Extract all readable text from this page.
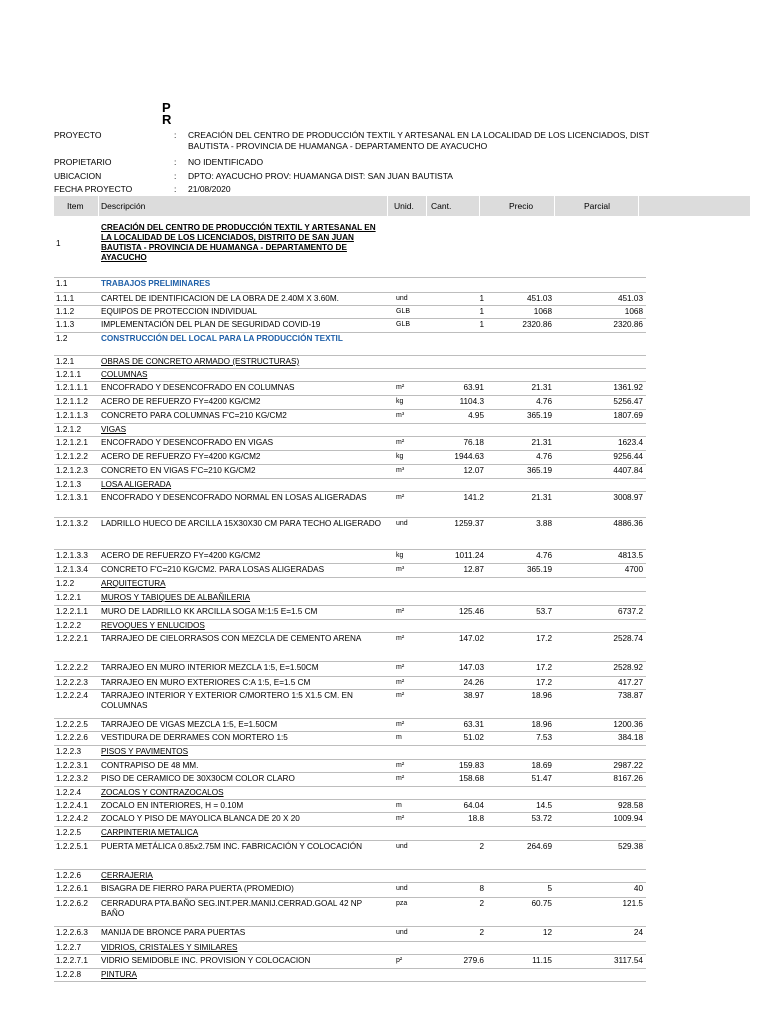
P
R
PROYECTO	: CREACIÓN DEL CENTRO DE PRODUCCIÓN TEXTIL Y ARTESANAL EN LA LOCALIDAD DE LOS LICENCIADOS, DIST
BAUTISTA - PROVINCIA DE HUAMANGA - DEPARTAMENTO DE AYACUCHO
PROPIETARIO	: NO IDENTIFICADO
UBICACION	: DPTO: AYACUCHO PROV: HUAMANGA DIST: SAN JUAN BAUTISTA
FECHA PROYECTO	: 21/08/2020
Item Descripción	Unid. Cant.	Precio	Parcial
1
CREACIÓN DEL CENTRO DE PRODUCCIÓN TEXTIL Y ARTESANAL EN LA LOCALIDAD DE LOS LICENCIADOS, DISTRITO DE SAN JUAN BAUTISTA - PROVINCIA DE HUAMANGA - DEPARTAMENTO DE AYACUCHO
1.1	TRABAJOS PRELIMINARES
1.1.1	CARTEL DE IDENTIFICACION DE LA OBRA DE 2.40M X 3.60M.	und	1	451.03	451.03
1.1.2	EQUIPOS DE PROTECCION INDIVIDUAL	GLB	1	1068	1068
1.1.3	IMPLEMENTACIÓN DEL PLAN DE SEGURIDAD COVID-19	GLB	1	2320.86	2320.86
1.2	CONSTRUCCIÓN DEL LOCAL PARA LA PRODUCCIÓN TEXTIL
1.2.1	OBRAS DE CONCRETO ARMADO (ESTRUCTURAS)
1.2.1.1 COLUMNAS
1.2.1.1.1 ENCOFRADO Y DESENCOFRADO EN COLUMNAS	m²	63.91	21.31	1361.92
1.2.1.1.2 ACERO DE REFUERZO FY=4200 KG/CM2	kg	1104.3	4.76	5256.47
1.2.1.1.3 CONCRETO PARA COLUMNAS F'C=210 KG/CM2	m³	4.95	365.19	1807.69
1.2.1.2 VIGAS
1.2.1.2.1 ENCOFRADO Y DESENCOFRADO EN VIGAS	m²	76.18	21.31	1623.4
1.2.1.2.2 ACERO DE REFUERZO FY=4200 KG/CM2	kg	1944.63	4.76	9256.44
1.2.1.2.3 CONCRETO EN VIGAS F'C=210 KG/CM2	m³	12.07	365.19	4407.84
1.2.1.3 LOSA ALIGERADA
1.2.1.3.1 ENCOFRADO Y DESENCOFRADO NORMAL EN LOSAS ALIGERADAS	m²	141.2	21.31	3008.97
1.2.1.3.2 LADRILLO HUECO DE ARCILLA 15X30X30 CM PARA TECHO ALIGERADO und	1259.37	3.88	4886.36
1.2.1.3.3 ACERO DE REFUERZO FY=4200 KG/CM2	kg	1011.24	4.76	4813.5
1.2.1.3.4 CONCRETO F'C=210 KG/CM2. PARA LOSAS ALIGERADAS	m³	12.87	365.19	4700
1.2.2	ARQUITECTURA
1.2.2.1 MUROS Y TABIQUES DE ALBAÑILERIA
1.2.2.1.1 MURO DE LADRILLO KK ARCILLA SOGA M:1:5 E=1.5 CM	m²	125.46	53.7	6737.2
1.2.2.2 REVOQUES Y ENLUCIDOS
1.2.2.2.1 TARRAJEO DE CIELORRASOS CON MEZCLA DE CEMENTO ARENA	m²	147.02	17.2	2528.74
1.2.2.2.2 TARRAJEO EN MURO INTERIOR MEZCLA 1:5, E=1.50CM	m²	147.03	17.2	2528.92
1.2.2.2.3 TARRAJEO EN MURO EXTERIORES C:A 1:5, E=1.5 CM	m²	24.26	17.2	417.27
1.2.2.2.4 TARRAJEO INTERIOR Y EXTERIOR C/MORTERO 1:5 X1.5 CM. EN COLUMNAS
m²	38.97	18.96	738.87
1.2.2.2.5 TARRAJEO DE VIGAS MEZCLA 1:5, E=1.50CM	m²	63.31	18.96	1200.36
1.2.2.2.6 VESTIDURA DE DERRAMES CON MORTERO 1:5	m	51.02	7.53	384.18
1.2.2.3 PISOS Y PAVIMENTOS
1.2.2.3.1 CONTRAPISO DE 48 MM.	m²	159.83	18.69	2987.22
1.2.2.3.2 PISO DE CERAMICO DE 30X30CM COLOR CLARO	m²	158.68	51.47	8167.26
1.2.2.4 ZOCALOS Y CONTRAZOCALOS
1.2.2.4.1 ZOCALO EN INTERIORES, H = 0.10M	m	64.04	14.5	928.58
1.2.2.4.2 ZOCALO Y PISO DE MAYOLICA BLANCA DE 20 X 20	m²	18.8	53.72	1009.94
1.2.2.5 CARPINTERIA METALICA
1.2.2.5.1 PUERTA METÁLICA 0.85x2.75M INC. FABRICACIÓN Y COLOCACIÓN	und	2	264.69	529.38
1.2.2.6 CERRAJERIA
1.2.2.6.1 BISAGRA DE FIERRO PARA PUERTA (PROMEDIO)	und	8	5	40
1.2.2.6.2 CERRADURA PTA.BAÑO SEG.INT.PER.MANIJ.CERRAD.GOAL 42 NP BAÑO
pza	2	60.75	121.5
1.2.2.6.3 MANIJA DE BRONCE PARA PUERTAS	und	2	12	24
1.2.2.7 VIDRIOS, CRISTALES Y SIMILARES
1.2.2.7.1 VIDRIO SEMIDOBLE INC. PROVISION Y COLOCACION	p²	279.6	11.15	3117.54
1.2.2.8 PINTURA
